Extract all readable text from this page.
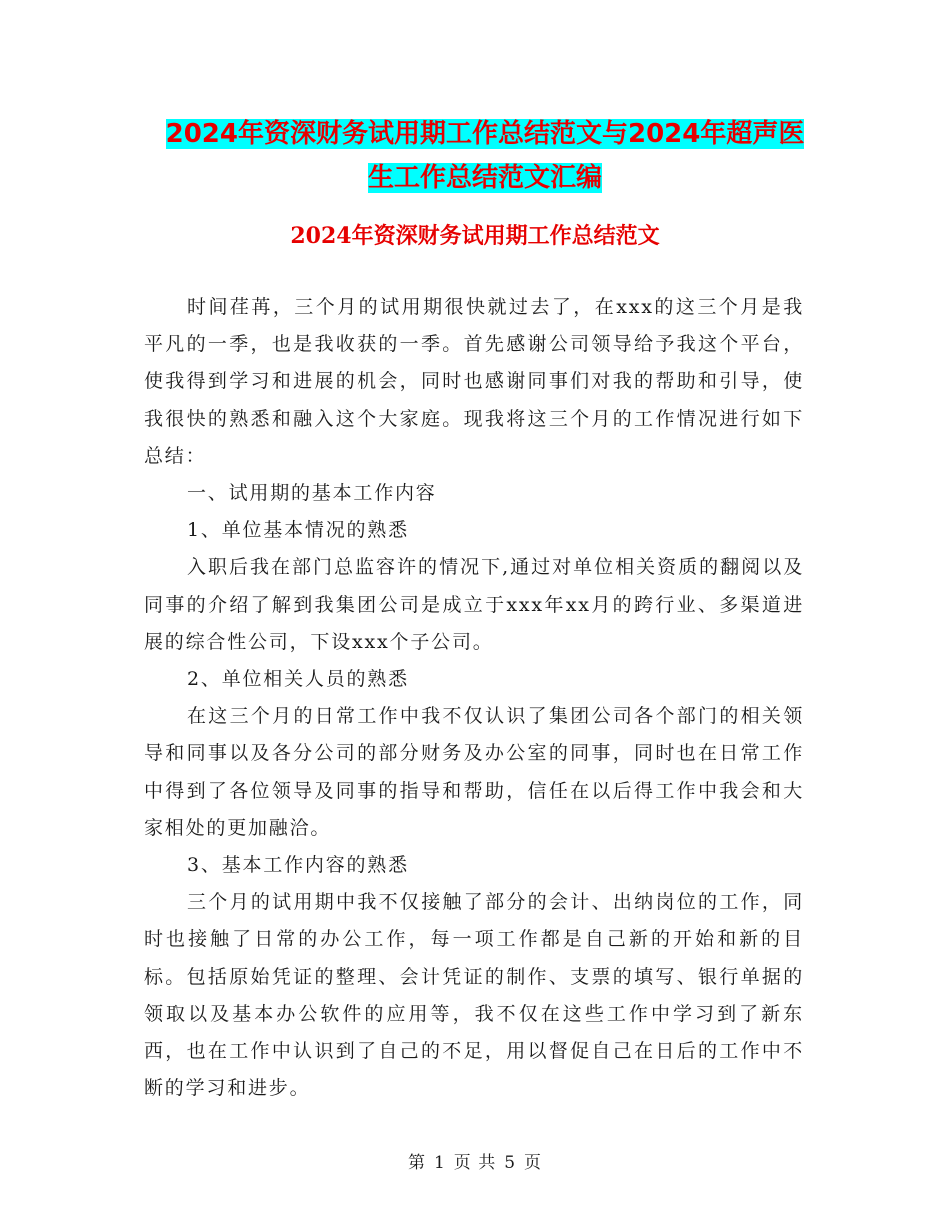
2024年资深财务试用期工作总结范文与2024年超声医
生工作总结范文汇编
2024年资深财务试用期工作总结范文

时间荏苒，三个月的试用期很快就过去了，在xxx的这三个月是我平凡的一季，也是我收获的一季。首先感谢公司领导给予我这个平台，使我得到学习和进展的机会，同时也感谢同事们对我的帮助和引导，使我很快的熟悉和融入这个大家庭。现我将这三个月的工作情况进行如下总结：

一、试用期的基本工作内容

1、单位基本情况的熟悉

入职后我在部门总监容许的情况下,通过对单位相关资质的翻阅以及同事的介绍了解到我集团公司是成立于xxx年xx月的跨行业、多渠道进展的综合性公司，下设xxx个子公司。

2、单位相关人员的熟悉

在这三个月的日常工作中我不仅认识了集团公司各个部门的相关领导和同事以及各分公司的部分财务及办公室的同事，同时也在日常工作中得到了各位领导及同事的指导和帮助，信任在以后得工作中我会和大家相处的更加融洽。

3、基本工作内容的熟悉

三个月的试用期中我不仅接触了部分的会计、出纳岗位的工作，同时也接触了日常的办公工作，每一项工作都是自己新的开始和新的目标。包括原始凭证的整理、会计凭证的制作、支票的填写、银行单据的领取以及基本办公软件的应用等，我不仅在这些工作中学习到了新东西，也在工作中认识到了自己的不足，用以督促自己在日后的工作中不断的学习和进步。

第 1 页 共 5 页
